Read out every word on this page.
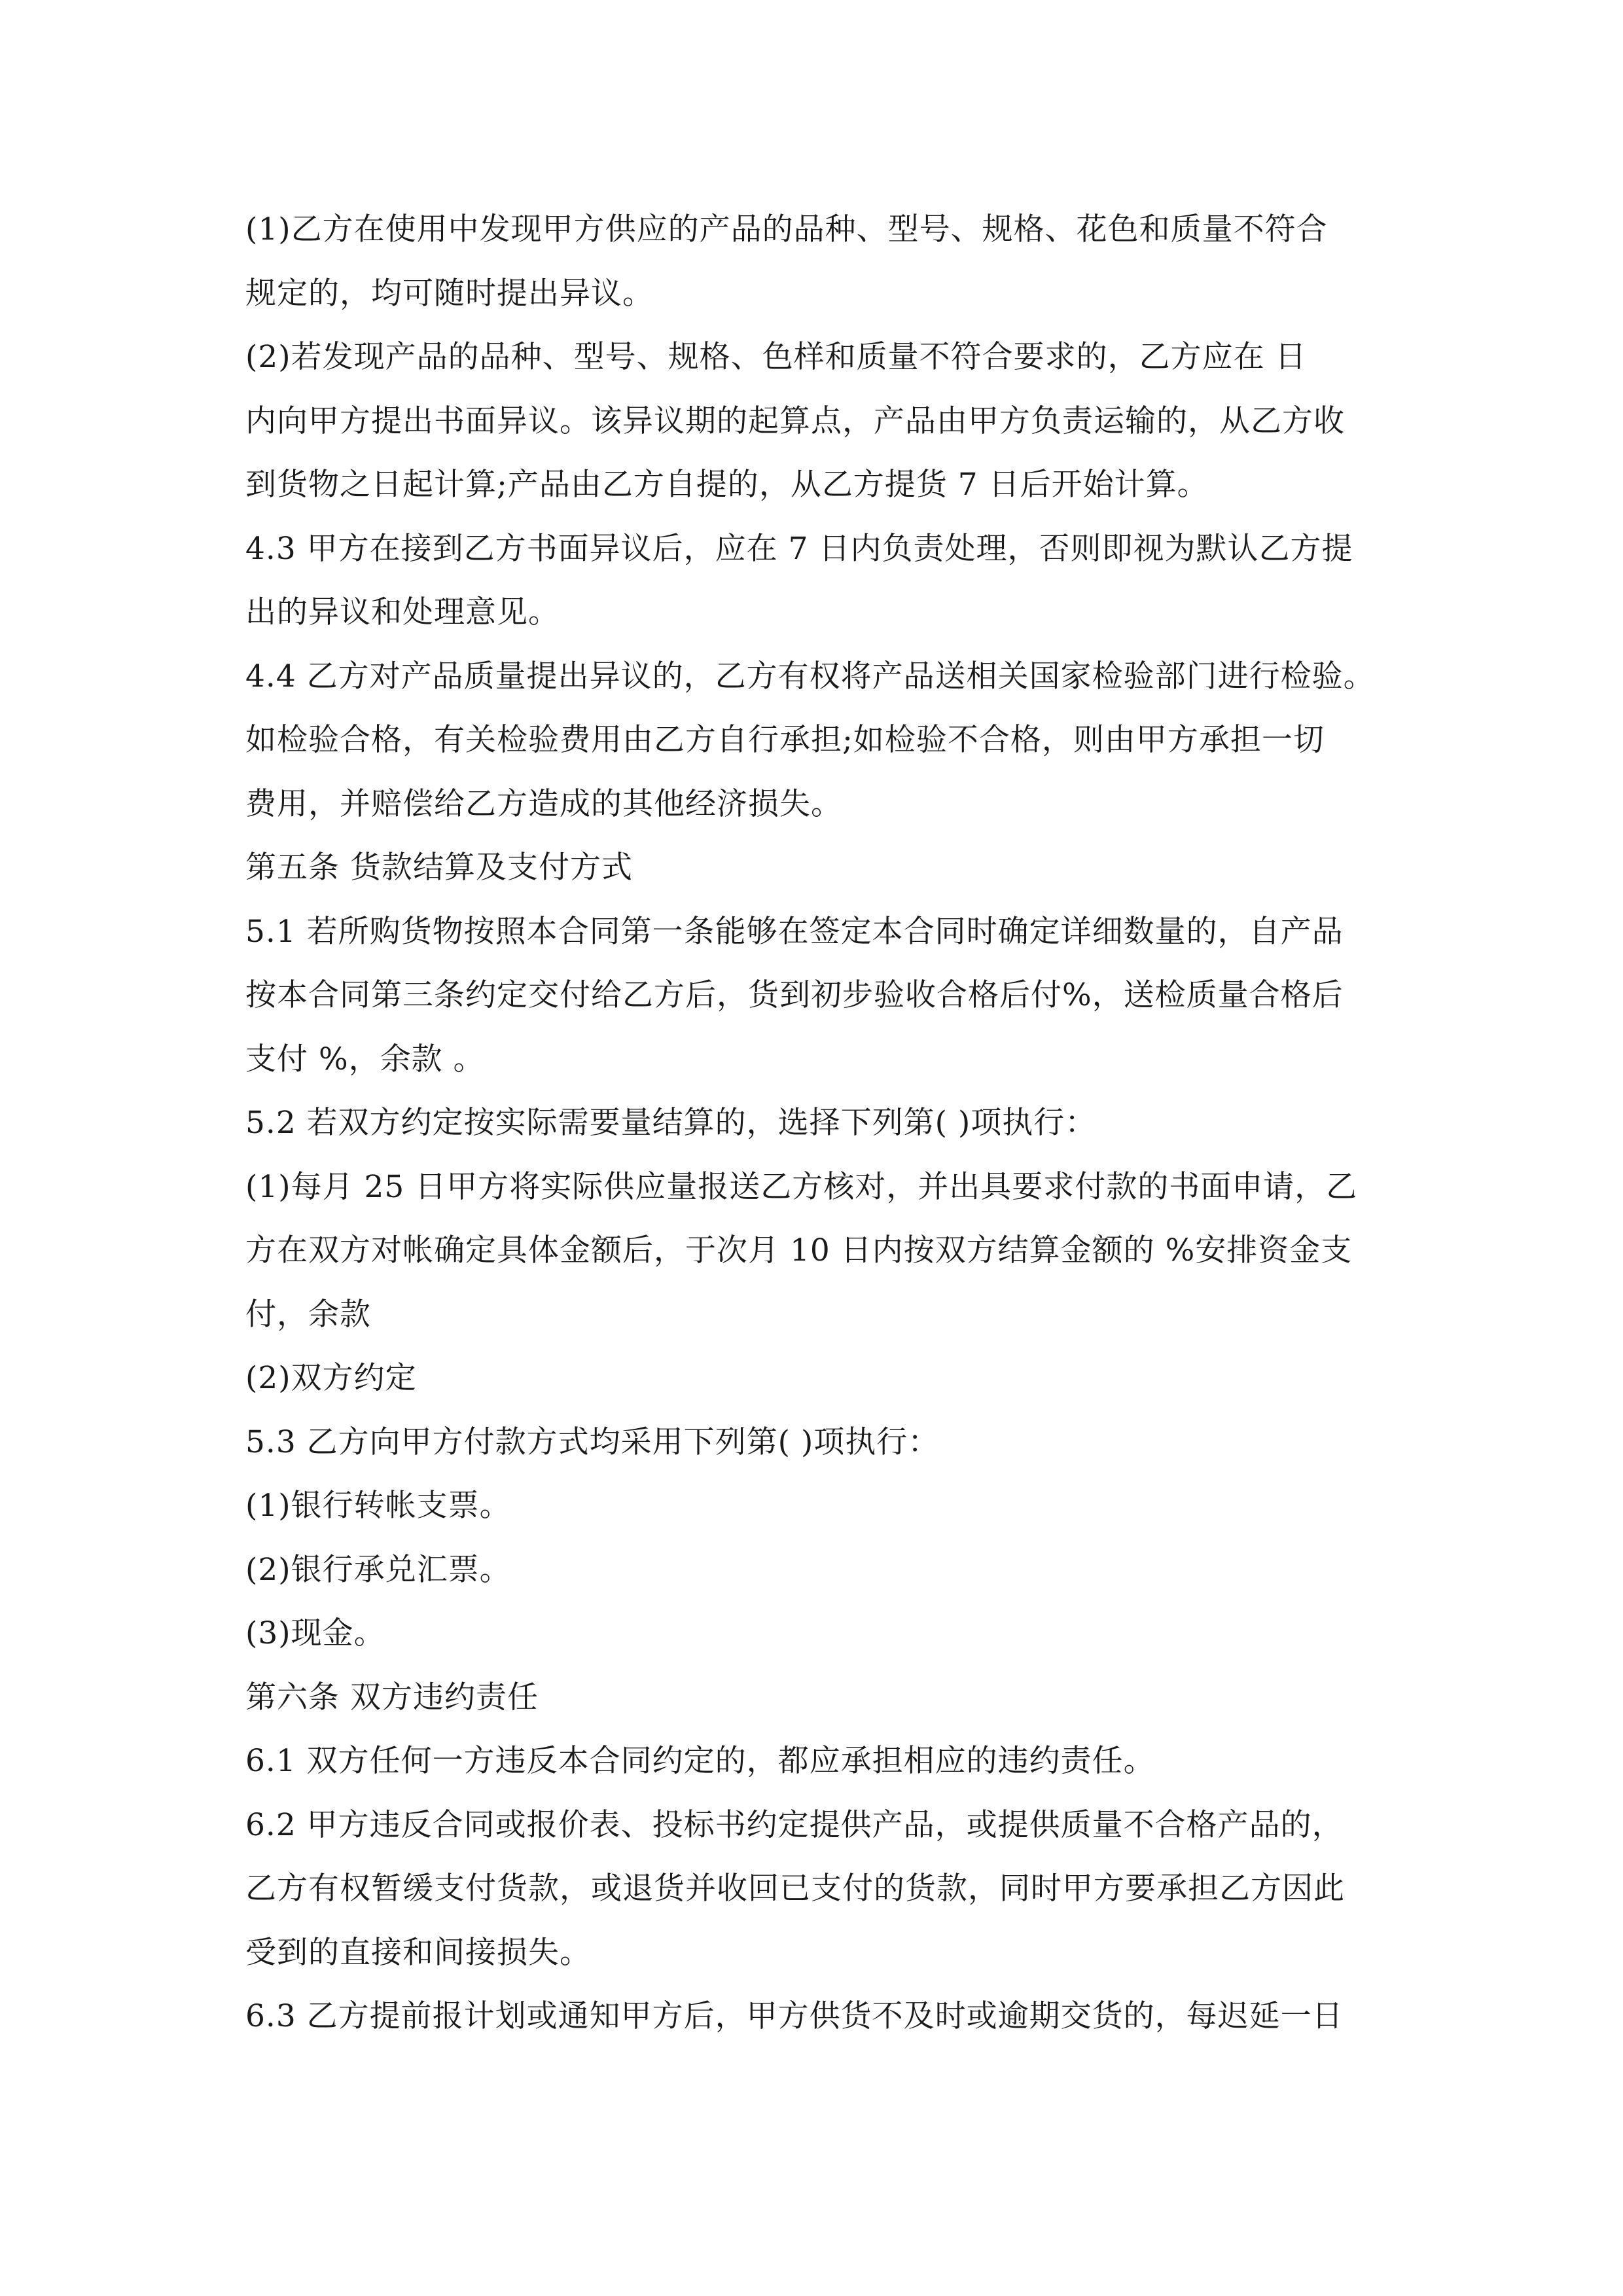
(1)乙方在使用中发现甲方供应的产品的品种、型号、规格、花色和质量不符合
规定的，均可随时提出异议。
(2)若发现产品的品种、型号、规格、色样和质量不符合要求的，乙方应在 日
内向甲方提出书面异议。该异议期的起算点，产品由甲方负责运输的，从乙方收
到货物之日起计算;产品由乙方自提的，从乙方提货 7 日后开始计算。
4.3 甲方在接到乙方书面异议后，应在 7 日内负责处理，否则即视为默认乙方提
出的异议和处理意见。
4.4 乙方对产品质量提出异议的，乙方有权将产品送相关国家检验部门进行检验。
如检验合格，有关检验费用由乙方自行承担;如检验不合格，则由甲方承担一切
费用，并赔偿给乙方造成的其他经济损失。
第五条 货款结算及支付方式
5.1 若所购货物按照本合同第一条能够在签定本合同时确定详细数量的，自产品
按本合同第三条约定交付给乙方后，货到初步验收合格后付%，送检质量合格后
支付 %，余款 。
5.2 若双方约定按实际需要量结算的，选择下列第( )项执行：
(1)每月 25 日甲方将实际供应量报送乙方核对，并出具要求付款的书面申请，乙
方在双方对帐确定具体金额后，于次月 10 日内按双方结算金额的 %安排资金支
付，余款
(2)双方约定
5.3 乙方向甲方付款方式均采用下列第( )项执行：
(1)银行转帐支票。
(2)银行承兑汇票。
(3)现金。
第六条 双方违约责任
6.1 双方任何一方违反本合同约定的，都应承担相应的违约责任。
6.2 甲方违反合同或报价表、投标书约定提供产品，或提供质量不合格产品的，
乙方有权暂缓支付货款，或退货并收回已支付的货款，同时甲方要承担乙方因此
受到的直接和间接损失。
6.3 乙方提前报计划或通知甲方后，甲方供货不及时或逾期交货的，每迟延一日
